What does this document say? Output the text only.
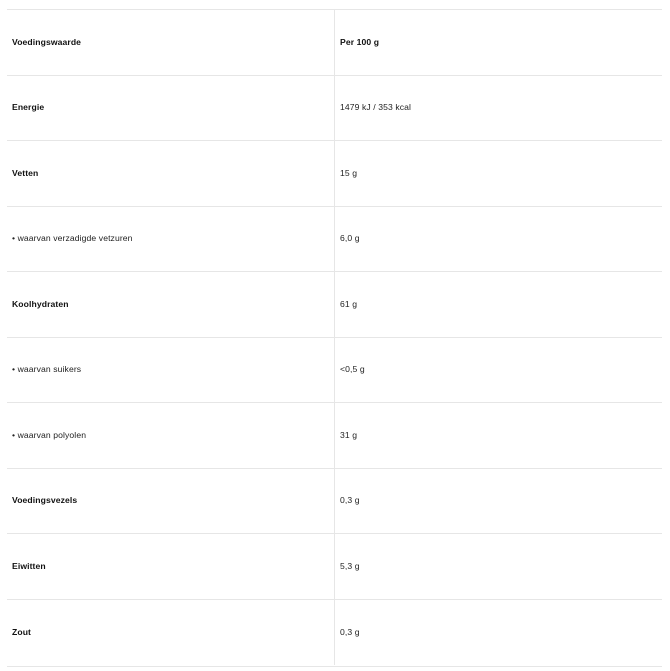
Voedingswaarde	Per 100 g
Energie	1479 kJ / 353 kcal
Vetten	15 g
• waarvan verzadigde vetzuren	6,0 g
Koolhydraten	61 g
• waarvan suikers	<0,5 g
• waarvan polyolen	31 g
Voedingsvezels	0,3 g
Eiwitten	5,3 g
Zout	0,3 g
